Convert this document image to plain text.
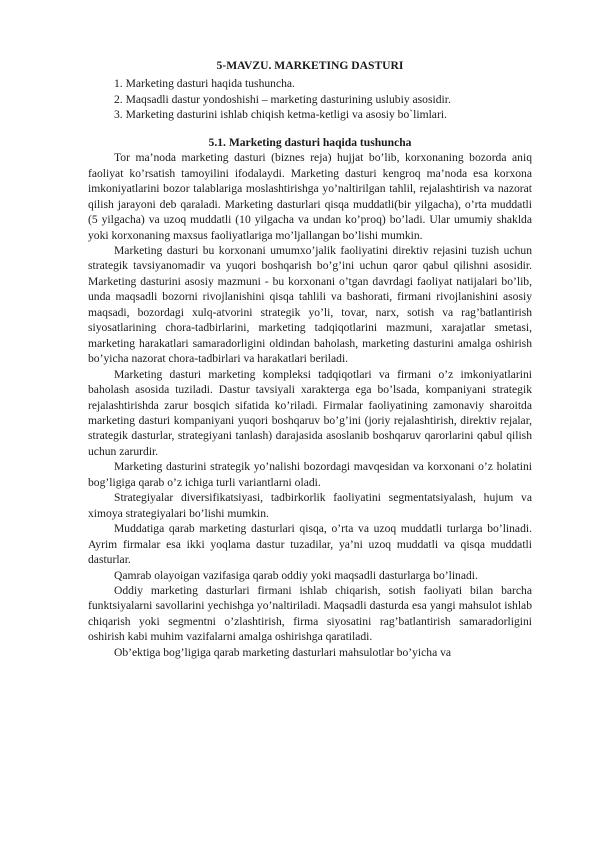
5-MAVZU. MARKETING DASTURI
1. Marketing dasturi haqida tushuncha.
2. Maqsadli dastur yondoshishi – marketing dasturining uslubiy asosidir.
3. Marketing dasturini ishlab chiqish ketma-ketligi va asosiy bo`limlari.
5.1. Marketing dasturi haqida tushuncha

Tor ma’noda marketing dasturi (biznes reja) hujjat bo’lib, korxonaning bozorda aniq faoliyat ko’rsatish tamoyilini ifodalaydi. Marketing dasturi kengroq ma’noda esa korxona imkoniyatlarini bozor talablariga moslashtirishga yo’naltirilgan tahlil, rejalashtirish va nazorat qilish jarayoni deb qaraladi. Marketing dasturlari qisqa muddatli(bir yilgacha), o’rta muddatli (5 yilgacha) va uzoq muddatli (10 yilgacha va undan ko’proq) bo’ladi. Ular umumiy shaklda yoki korxonaning maxsus faoliyatlariga mo’ljallangan bo’lishi mumkin.

Marketing dasturi bu korxonani umumxo’jalik faoliyatini direktiv rejasini tuzish uchun strategik tavsiyanomadir va yuqori boshqarish bo’g’ini uchun qaror qabul qilishni asosidir. Marketing dasturini asosiy mazmuni - bu korxonani o’tgan davrdagi faoliyat natijalari bo’lib, unda maqsadli bozorni rivojlanishini qisqa tahlili va bashorati, firmani rivojlanishini asosiy maqsadi, bozordagi xulq-atvorini strategik yo’li, tovar, narx, sotish va rag’batlantirish siyosatlarining chora-tadbirlarini, marketing tadqiqotlarini mazmuni, xarajatlar smetasi, marketing harakatlari samaradorligini oldindan baholash, marketing dasturini amalga oshirish bo’yicha nazorat chora-tadbirlari va harakatlari beriladi.

Marketing dasturi marketing kompleksi tadqiqotlari va firmani o’z imkoniyatlarini baholash asosida tuziladi. Dastur tavsiyali xarakterga ega bo’lsada, kompaniyani strategik rejalashtirishda zarur bosqich sifatida ko’riladi. Firmalar faoliyatining zamonaviy sharoitda marketing dasturi kompaniyani yuqori boshqaruv bo’g’ini (joriy rejalashtirish, direktiv rejalar, strategik dasturlar, strategiyani tanlash) darajasida asoslanib boshqaruv qarorlarini qabul qilish uchun zarurdir.

Marketing dasturini strategik yo’nalishi bozordagi mavqesidan va korxonani o’z holatini bog’ligiga qarab o’z ichiga turli variantlarni oladi.

Strategiyalar diversifikatsiyasi, tadbirkorlik faoliyatini segmentatsiyalash, hujum va ximoya strategiyalari bo’lishi mumkin.

Muddatiga qarab marketing dasturlari qisqa, o’rta va uzoq muddatli turlarga bo’linadi. Ayrim firmalar esa ikki yoqlama dastur tuzadilar, ya’ni uzoq muddatli va qisqa muddatli dasturlar.

Qamrab olayoigan vazifasiga qarab oddiy yoki maqsadli dasturlarga bo’linadi.

Oddiy marketing dasturlari firmani ishlab chiqarish, sotish faoliyati bilan barcha funktsiyalarni savollarini yechishga yo’naltiriladi. Maqsadli dasturda esa yangi mahsulot ishlab chiqarish yoki segmentni o’zlashtirish, firma siyosatini rag’batlantirish samaradorligini oshirish kabi muhim vazifalarni amalga oshirishga qaratiladi.

Ob’ektiga bog’ligiga qarab marketing dasturlari mahsulotlar bo’yicha va
